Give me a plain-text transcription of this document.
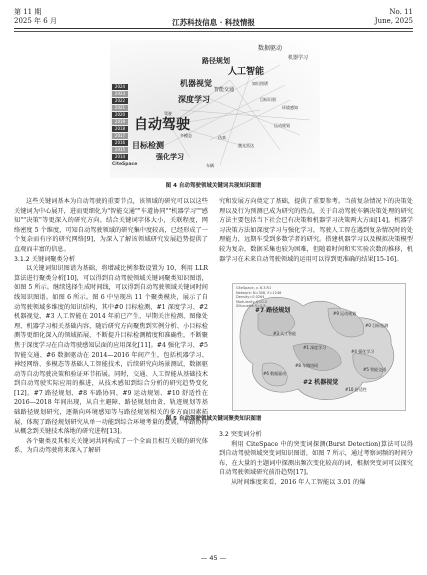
第 11 期
2025 年 6 月
No. 11
June, 2025
江苏科技信息 · 科技情报
2024
2023
2022
2021
2020
2019
2018
2017
2016
2015
2014
CiteSpace
数据驱动
机器学习
路径规划
人工智能
知识图谱
机器视觉
智能交通
目标识别
环境感知
深度学习
运动规划
驾驶
自动驾驶
多模态	仿真
激光雷达
目标检测
强化学习
车辆
图 4 自动驾驶领域关键词共现知识图谱

这些关键词基本为自动驾驶的重要节点，该领域的研究可以以这些关键词为中心展开，进而更细化为"智能交通""车道协同""机器学习""感知""决策"等更深入的研究方向。结合关键词字体大小，关联程度，网络密度 5 个维度，可知自动驾驶领域的研究集中度较高，已经形成了一个复杂而有序的研究网络[9]，为深入了解该领域研究发展趋势提供了直观而丰富的信息。

3.1.2 关键词聚类分析

以关键词知识图谱为基础，将增减比例参数设置为 10，利用 LLR 算法进行聚类分析[10]，可以得到自动驾驶领域关键词聚类知识图谱，如图 5 所示。继续选择生成时间线，可以得到自动驾驶领域关键词时间线知识图谱。如图 6 所示。图 6 中呈现出 11 个聚类模块，展示了自动驾驶领域多维度的知识结构，其中#0 目标检测、#1 深度学习、#2 机器视觉、#3 人工智能在 2014 年前已产生，早期关注检测、图像处理、机器学习相关基础内容，随后研究方向聚焦到实例分析、小目标检测等更细化深入的领域拓展，不断提升目标检测精度和准确性，不断聚焦于深度学习在自动驾驶感知层面的应用深化[11]。#4 强化学习、#5 智能交通、#6 数据驱动在 2014—2016 年间产生，包括机器学习、神经网络、多模态等基础人工智能技术，后续研究向场景测试、数据驱动等自动驾驶决策和验证环节拓展。同时，交通、人工智能从基础技术到自动驾驶实际应用的推进，从技术感知到综合分析的研究趋势变化[12]。#7 路径规划、#8 车路协同、#9 运动规划、#10 舒适性在 2016—2018 年间出现，从自主避障、路径规划由贪、轨迹规划等基础路径规划研究，逐渐向环境感知等与路径规划相关的多方面因素拓展，体现了路径规划研究从单一功能到综合环境考量的发展，车路协同从概念到关键技术落地的研究进程[13]。

各个聚类及其相关关键词共同构成了一个全面且相互关联的研究体系，为自动驾驶将来深入了解研

究和发展方向奠定了基础，提供了重要参考。当前复杂情况下的决策处理以及行为预测已成为研究的热点，关于自动驾驶车辆决策处理的研究方法主要包括当下社会已有决策和机器学习决策两大方面[14]。机器学习决策方法如深度学习与强化学习，驾驶人工智在遇到复杂情况时的处理能力，远期车受到多数学者的研究。搭建机器学习以及模拟决策模型较为复杂，数据采集也较为困难，但随着时间和实实验次数的推移，机器学习在未来自动驾驶领域的运用可以得到更准确的结果[15-16]。

CiteSpace, v. 6.3.R1
Network: N=308, E=1246
Density=0.0264
Modularity Q=0.5
Silhouette S=0.8
#7 路径规划	#9 运动规划
#0 目标检测
#3 人工智能
#1 深度学习
#4 强化学习
#8 车路协同
#5 智能交通
#6 数据驱动
#2 机器视觉
#10 舒适性
图 5 自动驾驶领域关键词聚类知识图谱

3.2 突变词分析

利用 CiteSpace 中的突变词探测(Burst Detection)算法可以得到自动驾驶领域突变词知识图谱，如图 7 所示，通过考察词频的时间分布，在大量的主题词中探测出频次变化较高的词，根据突变词可以探究自动驾驶领域研究前沿趋势[17]。

从时间维度来看，2016 年人工智能以 3.01 的爆

— 45 —
